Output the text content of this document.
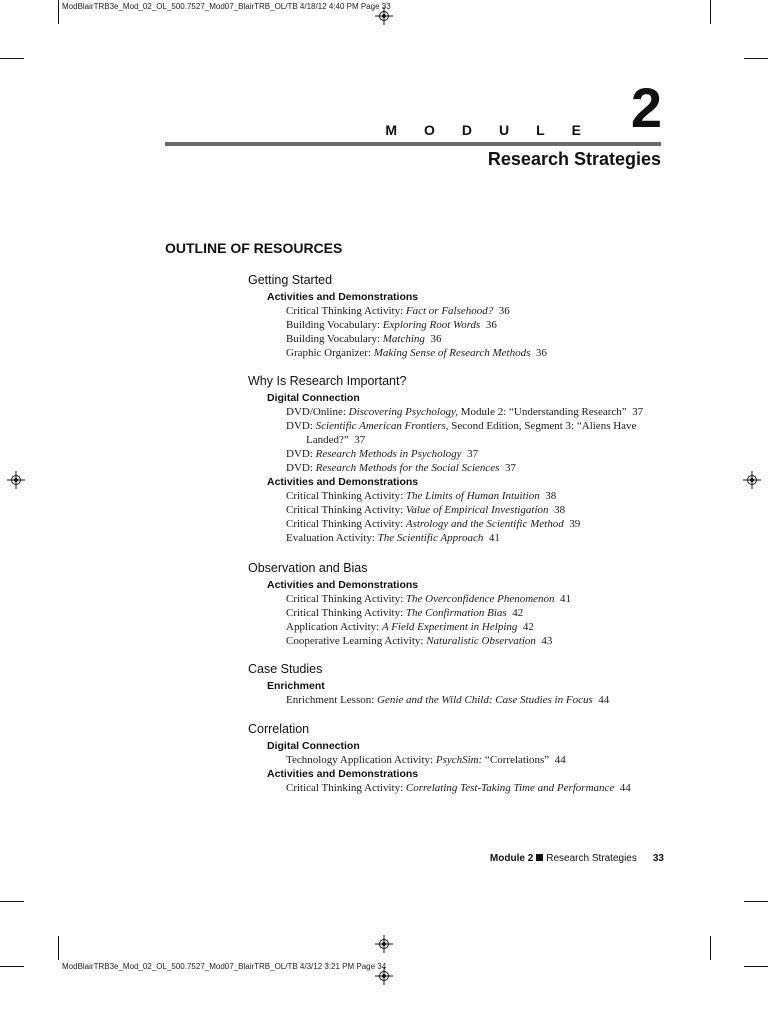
ModBlairTRB3e_Mod_02_OL_500.7527_Mod07_BlairTRB_OL/TB 4/18/12 4:40 PM Page 33
ModBlairTRB3e_Mod_02_OL_500.7527_Mod07_BlairTRB_OL/TB 4/3/12 3:21 PM Page 34
MODULE 2
Research Strategies
OUTLINE OF RESOURCES
Getting Started
Activities and Demonstrations
Critical Thinking Activity: Fact or Falsehood?  36
Building Vocabulary: Exploring Root Words  36
Building Vocabulary: Matching  36
Graphic Organizer: Making Sense of Research Methods  36
Why Is Research Important?
Digital Connection
DVD/Online: Discovering Psychology, Module 2: “Understanding Research”  37
DVD: Scientific American Frontiers, Second Edition, Segment 3: “Aliens Have
Landed?”  37
DVD: Research Methods in Psychology  37
DVD: Research Methods for the Social Sciences  37
Activities and Demonstrations
Critical Thinking Activity: The Limits of Human Intuition  38
Critical Thinking Activity: Value of Empirical Investigation  38
Critical Thinking Activity: Astrology and the Scientific Method  39
Evaluation Activity: The Scientific Approach  41
Observation and Bias
Activities and Demonstrations
Critical Thinking Activity: The Overconfidence Phenomenon  41
Critical Thinking Activity: The Confirmation Bias  42
Application Activity: A Field Experiment in Helping  42
Cooperative Learning Activity: Naturalistic Observation  43
Case Studies
Enrichment
Enrichment Lesson: Genie and the Wild Child: Case Studies in Focus  44
Correlation
Digital Connection
Technology Application Activity: PsychSim: “Correlations”  44
Activities and Demonstrations
Critical Thinking Activity: Correlating Test-Taking Time and Performance  44
Module 2 Research Strategies 33
